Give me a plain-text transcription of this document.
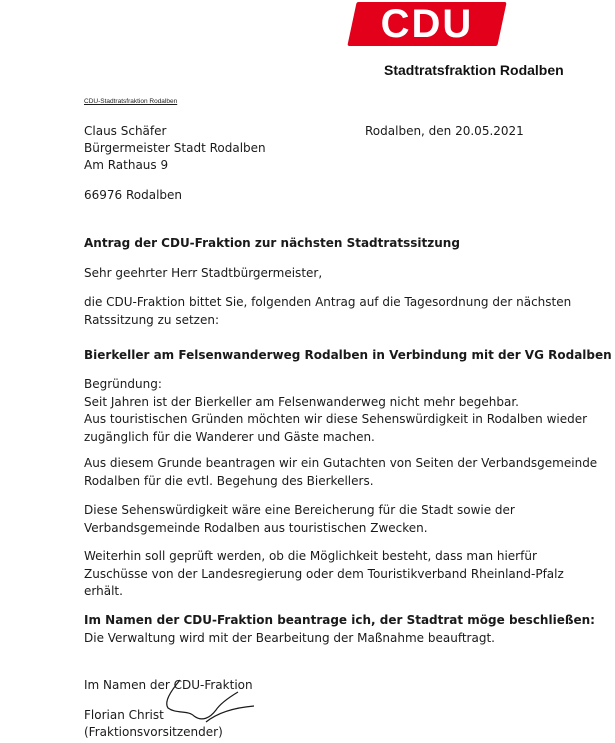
CDU
Stadtratsfraktion Rodalben
CDU-Stadtratsfraktion Rodalben
Claus Schäfer
Bürgermeister Stadt Rodalben
Am Rathaus 9
66976 Rodalben
Rodalben, den 20.05.2021
Antrag der CDU-Fraktion zur nächsten Stadtratssitzung
Sehr geehrter Herr Stadtbürgermeister,
die CDU-Fraktion bittet Sie, folgenden Antrag auf die Tagesordnung der nächsten
Ratssitzung zu setzen:
Bierkeller am Felsenwanderweg Rodalben in Verbindung mit der VG Rodalben
Begründung:
Seit Jahren ist der Bierkeller am Felsenwanderweg nicht mehr begehbar.
Aus touristischen Gründen möchten wir diese Sehenswürdigkeit in Rodalben wieder
zugänglich für die Wanderer und Gäste machen.
Aus diesem Grunde beantragen wir ein Gutachten von Seiten der Verbandsgemeinde
Rodalben für die evtl. Begehung des Bierkellers.
Diese Sehenswürdigkeit wäre eine Bereicherung für die Stadt sowie der
Verbandsgemeinde Rodalben aus touristischen Zwecken.
Weiterhin soll geprüft werden, ob die Möglichkeit besteht, dass man hierfür
Zuschüsse von der Landesregierung oder dem Touristikverband Rheinland-Pfalz
erhält.
Im Namen der CDU-Fraktion beantrage ich, der Stadtrat möge beschließen:
Die Verwaltung wird mit der Bearbeitung der Maßnahme beauftragt.
Im Namen der CDU-Fraktion
Florian Christ
(Fraktionsvorsitzender)
